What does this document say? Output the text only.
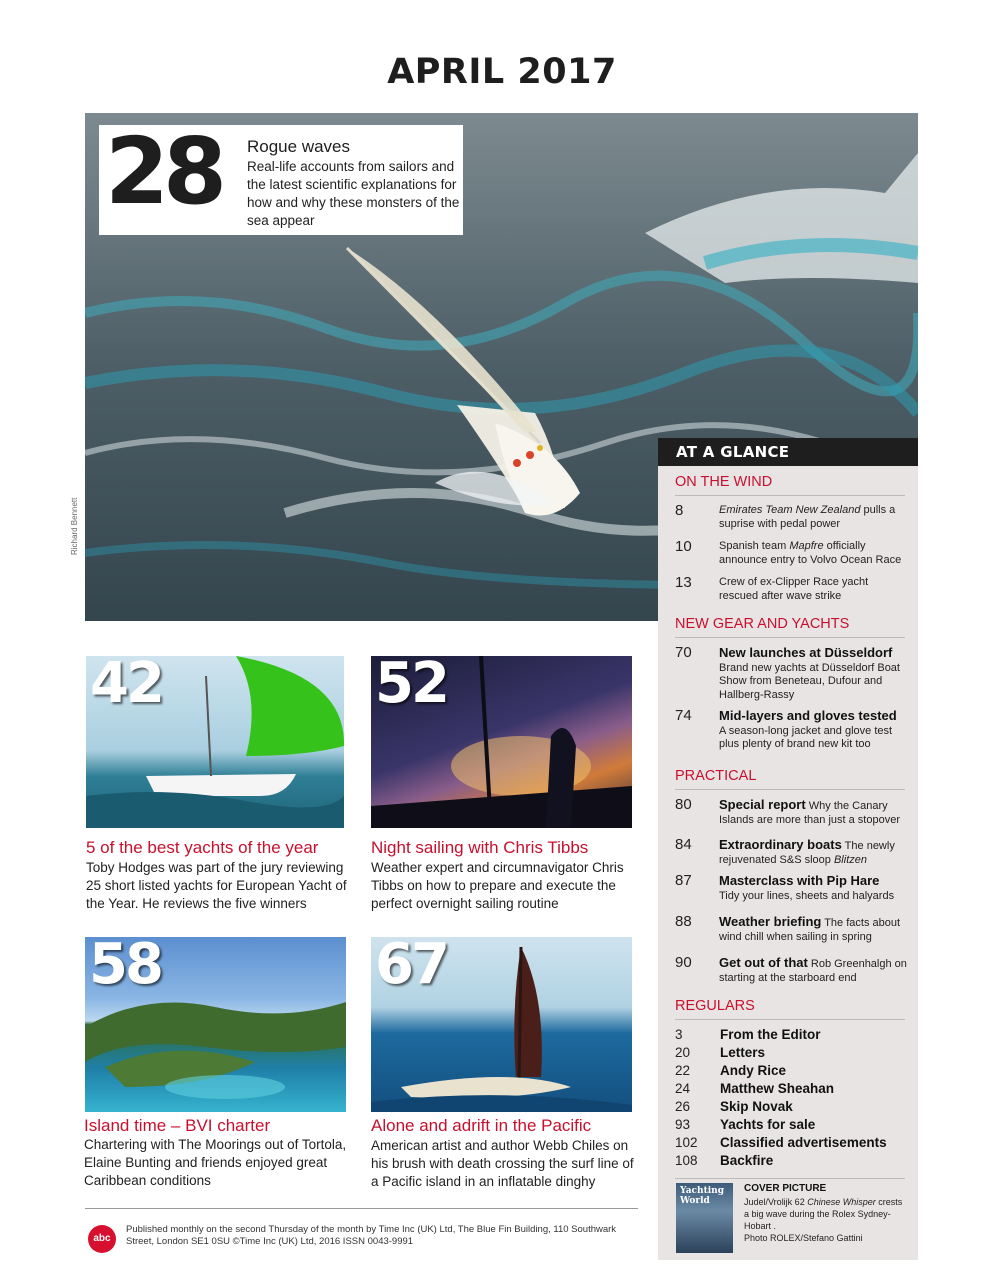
APRIL 2017
28 Rogue waves
Real-life accounts from sailors and the latest scientific explanations for how and why these monsters of the sea appear
Richard Bennett
42
5 of the best yachts of the year
Toby Hodges was part of the jury reviewing 25 short listed yachts for European Yacht of the Year. He reviews the five winners
52
Night sailing with Chris Tibbs
Weather expert and circumnavigator Chris Tibbs on how to prepare and execute the perfect overnight sailing routine
58
Island time – BVI charter
Chartering with The Moorings out of Tortola, Elaine Bunting and friends enjoyed great Caribbean conditions
67
Alone and adrift in the Pacific
American artist and author Webb Chiles on his brush with death crossing the surf line of a Pacific island in an inflatable dinghy
AT A GLANCE
ON THE WIND
8	Emirates Team New Zealand pulls a suprise with pedal power
10 Spanish team Mapfre officially announce entry to Volvo Ocean Race
13 Crew of ex-Clipper Race yacht rescued after wave strike
NEW GEAR AND YACHTS
70 New launches at Düsseldorf
Brand new yachts at Düsseldorf Boat Show from Beneteau, Dufour and Hallberg-Rassy
74 Mid-layers and gloves tested
A season-long jacket and glove test plus plenty of brand new kit too
PRACTICAL
80 Special report Why the Canary Islands are more than just a stopover
84 Extraordinary boats The newly rejuvenated S&S sloop Blitzen
87 Masterclass with Pip Hare
Tidy your lines, sheets and halyards
88 Weather briefing The facts about wind chill when sailing in spring
90 Get out of that Rob Greenhalgh on starting at the starboard end
REGULARS
3	From the Editor
20 Letters
22 Andy Rice
24 Matthew Sheahan
26 Skip Novak
93 Yachts for sale
102 Classified advertisements
108 Backfire
Yachting World
COVER PICTURE
Judel/Vrolijk 62 Chinese Whisper crests a big wave during the Rolex Sydney-Hobart .
Photo ROLEX/Stefano Gattini
abc
Published monthly on the second Thursday of the month by Time Inc (UK) Ltd, The Blue Fin Building, 110 Southwark Street, London SE1 0SU ©Time Inc (UK) Ltd, 2016 ISSN 0043-9991
